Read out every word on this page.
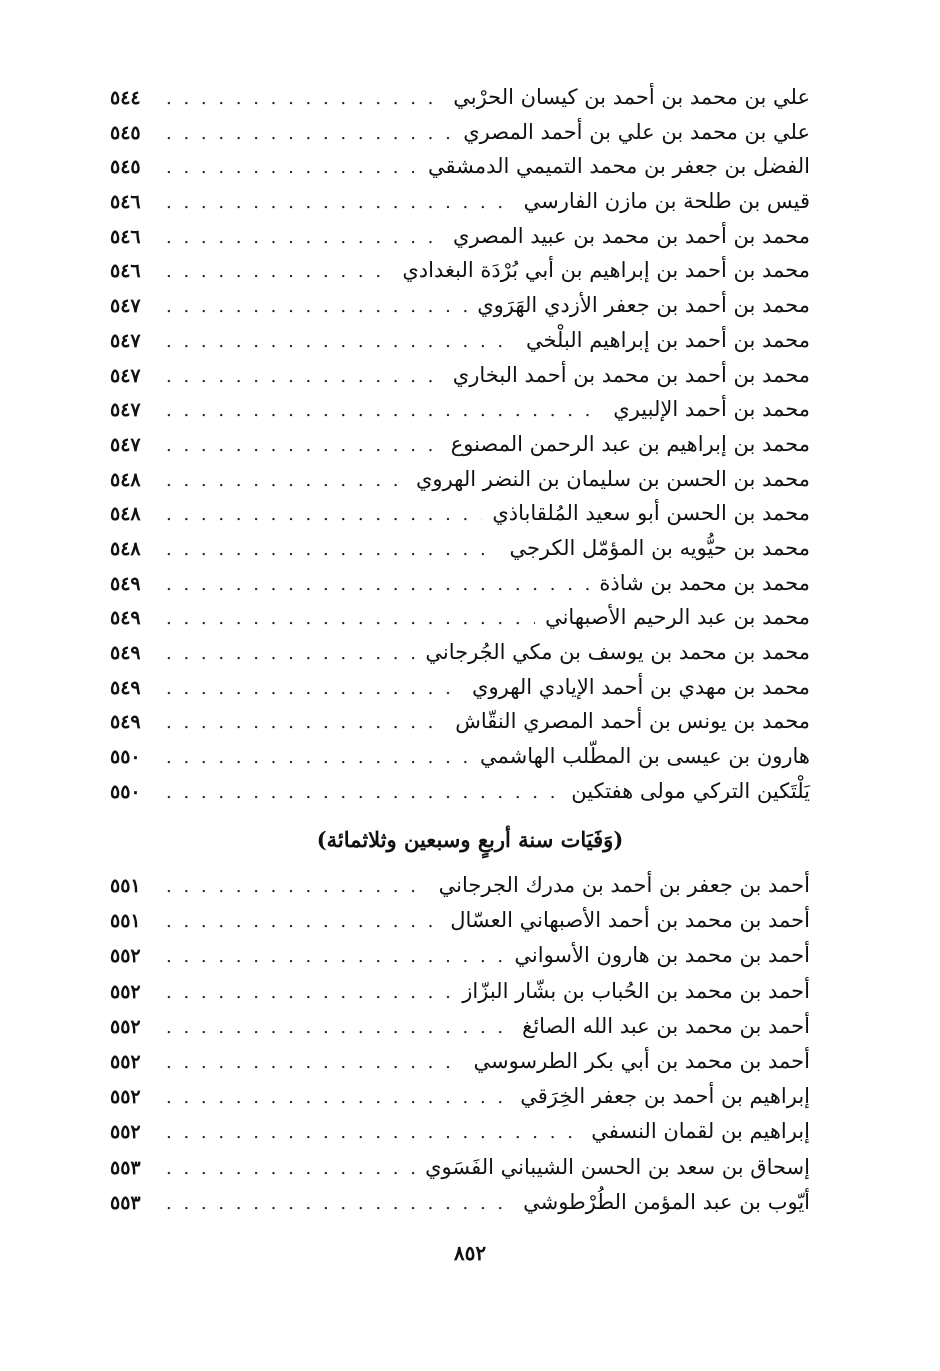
علي بن محمد بن أحمد بن كيسان الحرْبي
. . .
٥٤٤
علي بن محمد بن علي بن أحمد المصري
. . .
٥٤٥
الفضل بن جعفر بن محمد التميمي الدمشقي
. . .
٥٤٥
قيس بن طلحة بن مازن الفارسي
. . .
٥٤٦
محمد بن أحمد بن محمد بن عبيد المصري
. . .
٥٤٦
محمد بن أحمد بن إبراهيم بن أبي بُرْدَة البغدادي
. . .
٥٤٦
محمد بن أحمد بن جعفر الأزدي الهَرَوي
. . .
٥٤٧
محمد بن أحمد بن إبراهيم البلْخي
. . .
٥٤٧
محمد بن أحمد بن محمد بن أحمد البخاري
. . .
٥٤٧
محمد بن أحمد الإلبيري
. . .
٥٤٧
محمد بن إبراهيم بن عبد الرحمن المصنوع
. . .
٥٤٧
محمد بن الحسن بن سليمان بن النضر الهروي
. . .
٥٤٨
محمد بن الحسن أبو سعيد المُلقاباذي
. . .
٥٤٨
محمد بن حيُّويه بن المؤمّل الكرجي
. . .
٥٤٨
محمد بن محمد بن شاذة
. . .
٥٤٩
محمد بن عبد الرحيم الأصبهاني
. . .
٥٤٩
محمد بن محمد بن يوسف بن مكي الجُرجاني
. . .
٥٤٩
محمد بن مهدي بن أحمد الإيادي الهروي
. . .
٥٤٩
محمد بن يونس بن أحمد المصري النقّاش
. . .
٥٤٩
هارون بن عيسى بن المطّلب الهاشمي
. . .
٥٥٠
يَلْتَكين التركي مولى هفتكين
. . .
٥٥٠
(وَفَيَات سنة أربعٍ وسبعين وثلاثمائة)
أحمد بن جعفر بن أحمد بن مدرك الجرجاني
. . .
٥٥١
أحمد بن محمد بن أحمد الأصبهاني العسّال
. . .
٥٥١
أحمد بن محمد بن هارون الأسواني
. . .
٥٥٢
أحمد بن محمد بن الحُباب بن بشّار البزّاز
. . .
٥٥٢
أحمد بن محمد بن عبد الله الصائغ
. . .
٥٥٢
أحمد بن محمد بن أبي بكر الطرسوسي
. . .
٥٥٢
إبراهيم بن أحمد بن جعفر الخِرَقي
. . .
٥٥٢
إبراهيم بن لقمان النسفي
. . .
٥٥٢
إسحاق بن سعد بن الحسن الشيباني الفَسَوي
. . .
٥٥٣
أيّوب بن عبد المؤمن الطُرْطوشي
. . .
٥٥٣
٨٥٢
